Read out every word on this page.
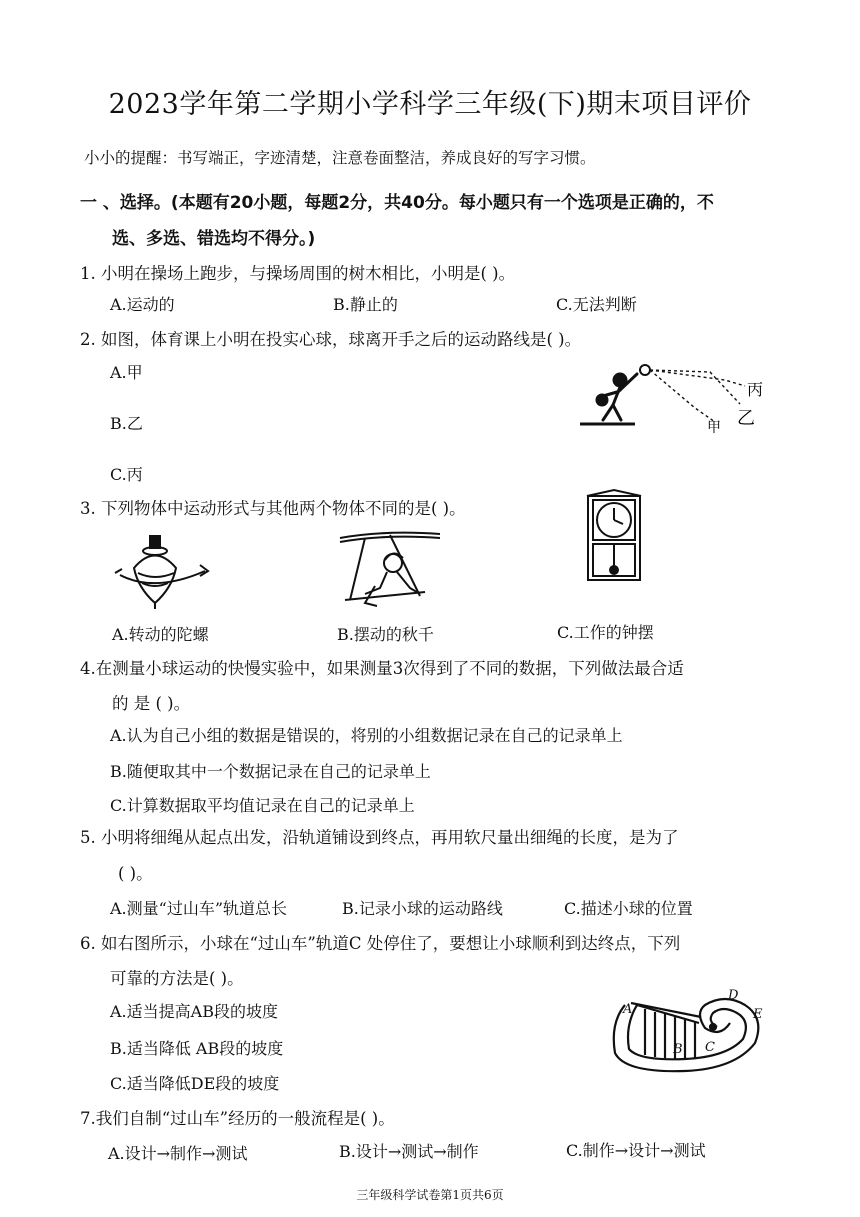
2023学年第二学期小学科学三年级(下)期末项目评价
小小的提醒：书写端正，字迹清楚，注意卷面整洁，养成良好的写字习惯。
一 、选择。(本题有20小题，每题2分，共40分。每小题只有一个选项是正确的，不
选、多选、错选均不得分。)
1. 小明在操场上跑步，与操场周围的树木相比，小明是( )。
A.运动的	B.静止的	C.无法判断
2. 如图，体育课上小明在投实心球，球离开手之后的运动路线是( )。
A.甲
B.乙
C.丙
丙
甲 乙
3. 下列物体中运动形式与其他两个物体不同的是( )。
A.转动的陀螺	B.摆动的秋千	C.工作的钟摆
4.在测量小球运动的快慢实验中，如果测量3次得到了不同的数据，下列做法最合适
的 是 ( )。
A.认为自己小组的数据是错误的，将别的小组数据记录在自己的记录单上
B.随便取其中一个数据记录在自己的记录单上
C.计算数据取平均值记录在自己的记录单上
5. 小明将细绳从起点出发，沿轨道铺设到终点，再用软尺量出细绳的长度，是为了
( )。
A.测量“过山车”轨道总长	B.记录小球的运动路线	C.描述小球的位置
6. 如右图所示，小球在“过山车”轨道C 处停住了，要想让小球顺利到达终点，下列
可靠的方法是( )。
A.适当提高AB段的坡度
B.适当降低 AB段的坡度
C.适当降低DE段的坡度
A
B C
D
E
7.我们自制“过山车”经历的一般流程是( )。
A.设计→制作→测试	B.设计→测试→制作	C.制作→设计→测试
三年级科学试卷第1页共6页
